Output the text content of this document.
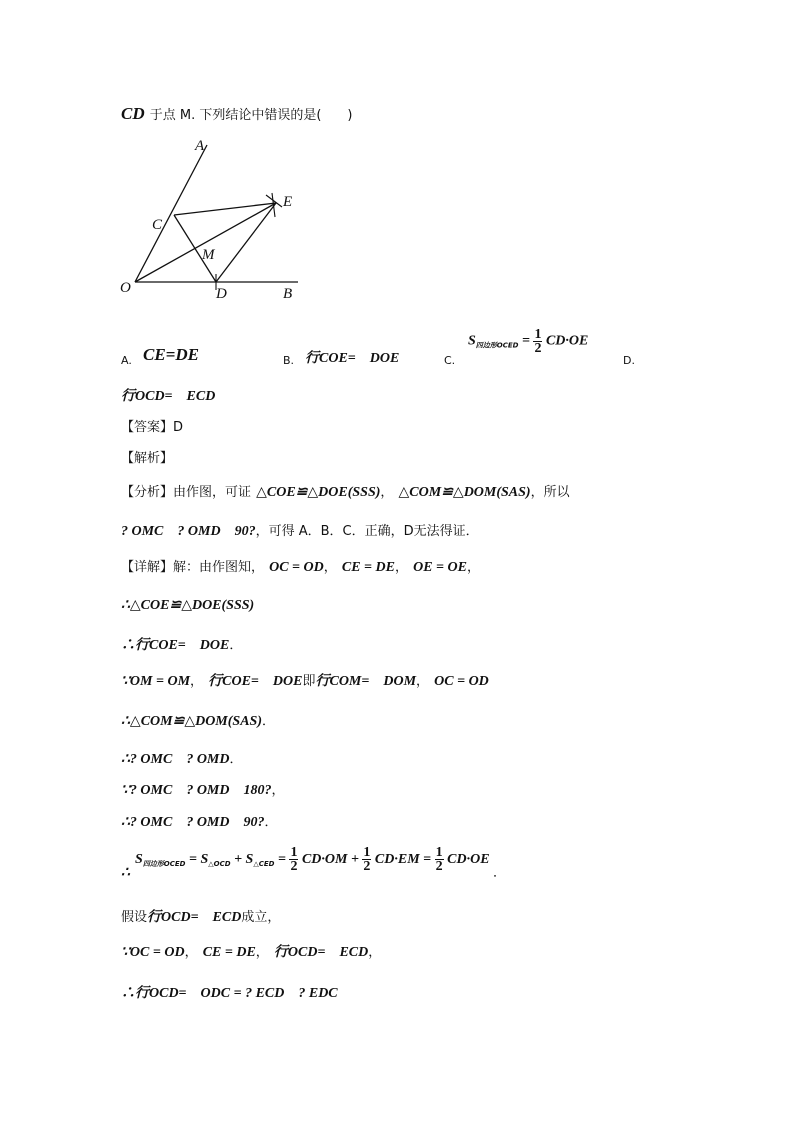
CD 于点 M. 下列结论中错误的是(　　)
A
C
E
M
O	D	B
A. CE=DE	B. 行COE=　DOE	C.
$S_{四边形OCED} = \frac{1}{2} CD\cdot OE$
D.
行OCD=　ECD
【答案】D
【解析】
【分析】由作图，可证 △COE≌△DOE(SSS)， △COM≌△DOM(SAS)，所以
? OMC　? OMD　90?，可得 A．B．C．正确，D无法得证．
【详解】解：由作图知， OC = OD， CE = DE， OE = OE，
∴△COE≌△DOE(SSS)
∴行COE=　DOE．
∵OM = OM， 行COE=　DOE即行COM=　DOM， OC = OD
∴△COM≌△DOM(SAS)．
∴? OMC　? OMD．
∵? OMC　? OMD　180?，
∴? OMC　? OMD　90?．
∴ $S_{四边形OCED} = S_{\triangle OCD} + S_{\triangle CED} = \frac{1}{2} CD\cdot OM + \frac{1}{2} CD\cdot EM = \frac{1}{2} CD\cdot OE$ $_.$
假设行OCD=　ECD成立，
∵OC = OD， CE = DE， 行OCD=　ECD，
∴行OCD=　ODC = ? ECD　? EDC
